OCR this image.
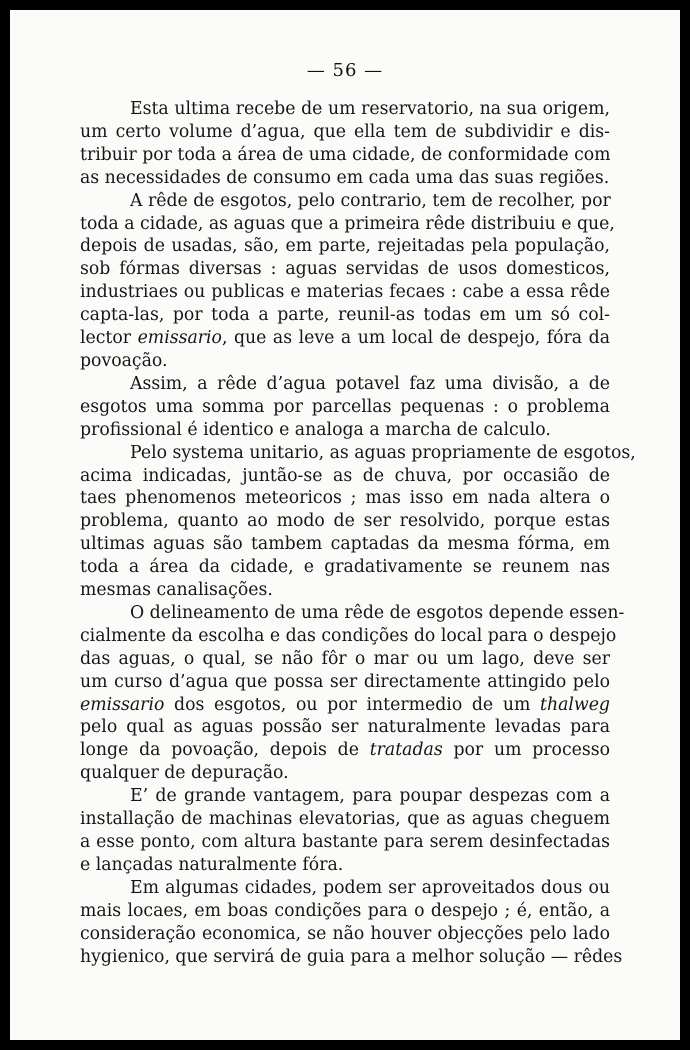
— 56 —
Esta ultima recebe de um reservatorio, na sua origem,
um certo volume d’agua, que ella tem de subdividir e dis-
tribuir por toda a área de uma cidade, de conformidade com
as necessidades de consumo em cada uma das suas regiões.
A rêde de esgotos, pelo contrario, tem de recolher, por
toda a cidade, as aguas que a primeira rêde distribuiu e que,
depois de usadas, são, em parte, rejeitadas pela população,
sob fórmas diversas : aguas servidas de usos domesticos,
industriaes ou publicas e materias fecaes : cabe a essa rêde
capta-las, por toda a parte, reunil-as todas em um só col-
lector emissario, que as leve a um local de despejo, fóra da
povoação.
Assim, a rêde d’agua potavel faz uma divisão, a de
esgotos uma somma por parcellas pequenas : o problema
profissional é identico e analoga a marcha de calculo.
Pelo systema unitario, as aguas propriamente de esgotos,
acima indicadas, juntão-se as de chuva, por occasião de
taes phenomenos meteoricos ; mas isso em nada altera o
problema, quanto ao modo de ser resolvido, porque estas
ultimas aguas são tambem captadas da mesma fórma, em
toda a área da cidade, e gradativamente se reunem nas
mesmas canalisações.
O delineamento de uma rêde de esgotos depende essen-
cialmente da escolha e das condições do local para o despejo
das aguas, o qual, se não fôr o mar ou um lago, deve ser
um curso d’agua que possa ser directamente attingido pelo
emissario dos esgotos, ou por intermedio de um thalweg
pelo qual as aguas possão ser naturalmente levadas para
longe da povoação, depois de tratadas por um processo
qualquer de depuração.
E’ de grande vantagem, para poupar despezas com a
installação de machinas elevatorias, que as aguas cheguem
a esse ponto, com altura bastante para serem desinfectadas
e lançadas naturalmente fóra.
Em algumas cidades, podem ser aproveitados dous ou
mais locaes, em boas condições para o despejo ; é, então, a
consideração economica, se não houver objecções pelo lado
hygienico, que servirá de guia para a melhor solução — rêdes
